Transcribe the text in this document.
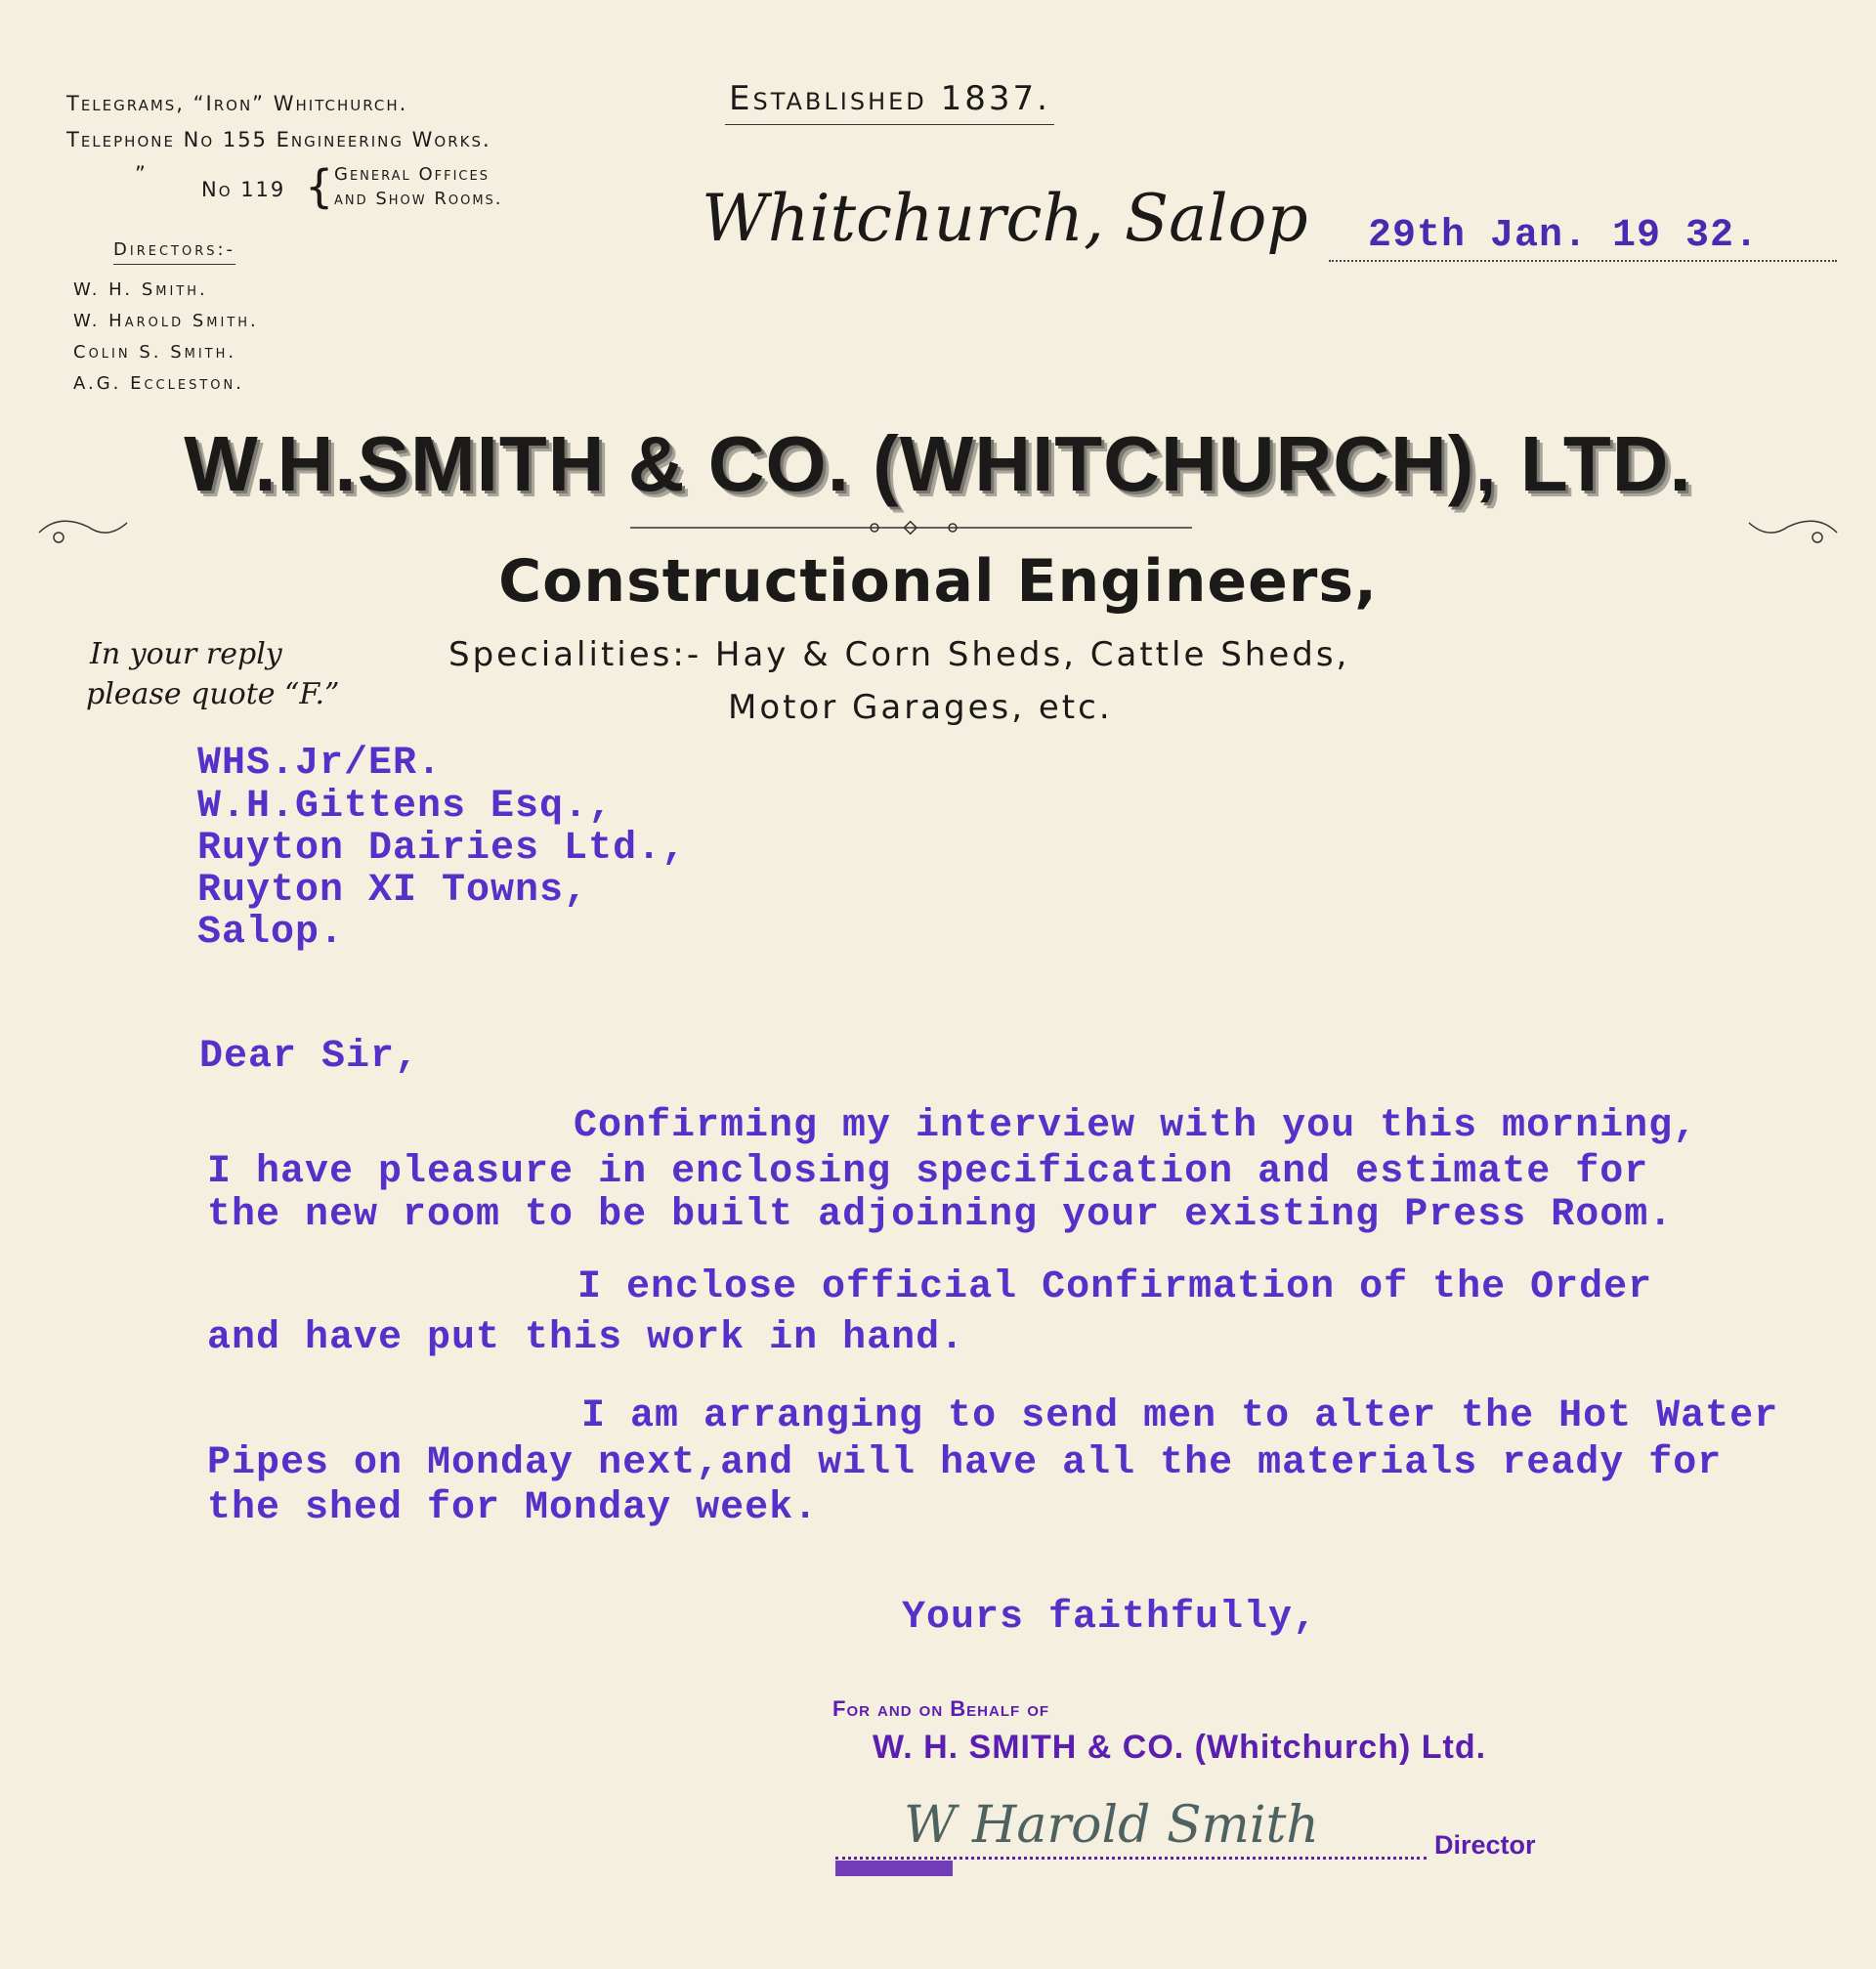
Telegrams, “Iron” Whitchurch.
Telephone No 155 Engineering Works.
”
No 119 { General Offices
and Show Rooms.
Directors:-
W. H. Smith.
W. Harold Smith.
Colin S. Smith.
A.G. Eccleston.
Established 1837.
Whitchurch, Salop 29th Jan. 19 32.
W.H.SMITH & CO. (WHITCHURCH), LTD.
Constructional Engineers,
Specialities:- Hay & Corn Sheds, Cattle Sheds,
Motor Garages, etc.
In your reply
please quote “F.”
WHS.Jr/ER.
W.H.Gittens Esq.,
Ruyton Dairies Ltd.,
Ruyton XI Towns,
Salop.
Dear Sir,
Confirming my interview with you this morning,
I have pleasure in enclosing specification and estimate for
the new room to be built adjoining your existing Press Room.
I enclose official Confirmation of the Order
and have put this work in hand.
I am arranging to send men to alter the Hot Water
Pipes on Monday next,and will have all the materials ready for
the shed for Monday week.
Yours faithfully,
For and on Behalf of
W. H. SMITH & CO. (Whitchurch) Ltd.
W Harold Smith	Director
